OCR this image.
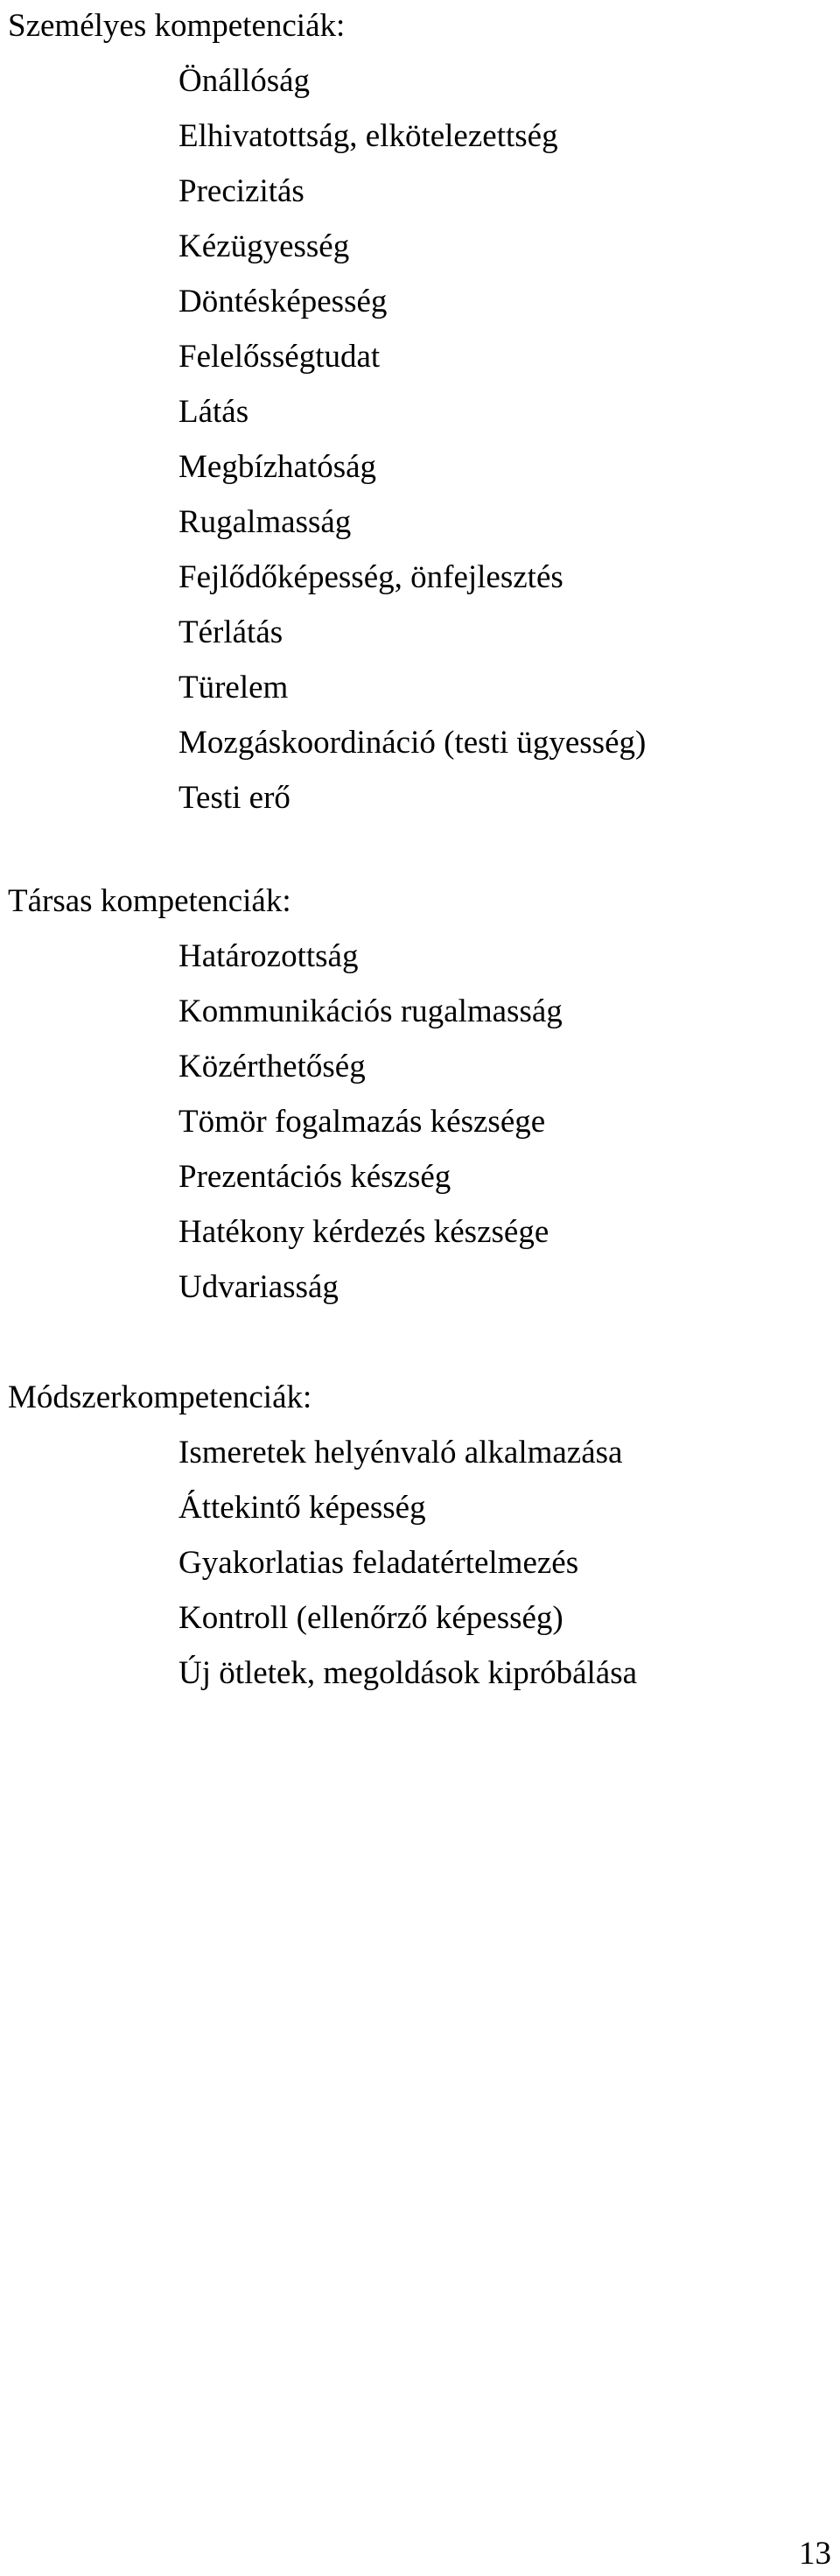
Személyes kompetenciák:
Önállóság
Elhivatottság, elkötelezettség
Precizitás
Kézügyesség
Döntésképesség
Felelősségtudat
Látás
Megbízhatóság
Rugalmasság
Fejlődőképesség, önfejlesztés
Térlátás
Türelem
Mozgáskoordináció (testi ügyesség)
Testi erő
Társas kompetenciák:
Határozottság
Kommunikációs rugalmasság
Közérthetőség
Tömör fogalmazás készsége
Prezentációs készség
Hatékony kérdezés készsége
Udvariasság
Módszerkompetenciák:
Ismeretek helyénvaló alkalmazása
Áttekintő képesség
Gyakorlatias feladatértelmezés
Kontroll (ellenőrző képesség)
Új ötletek, megoldások kipróbálása
13
